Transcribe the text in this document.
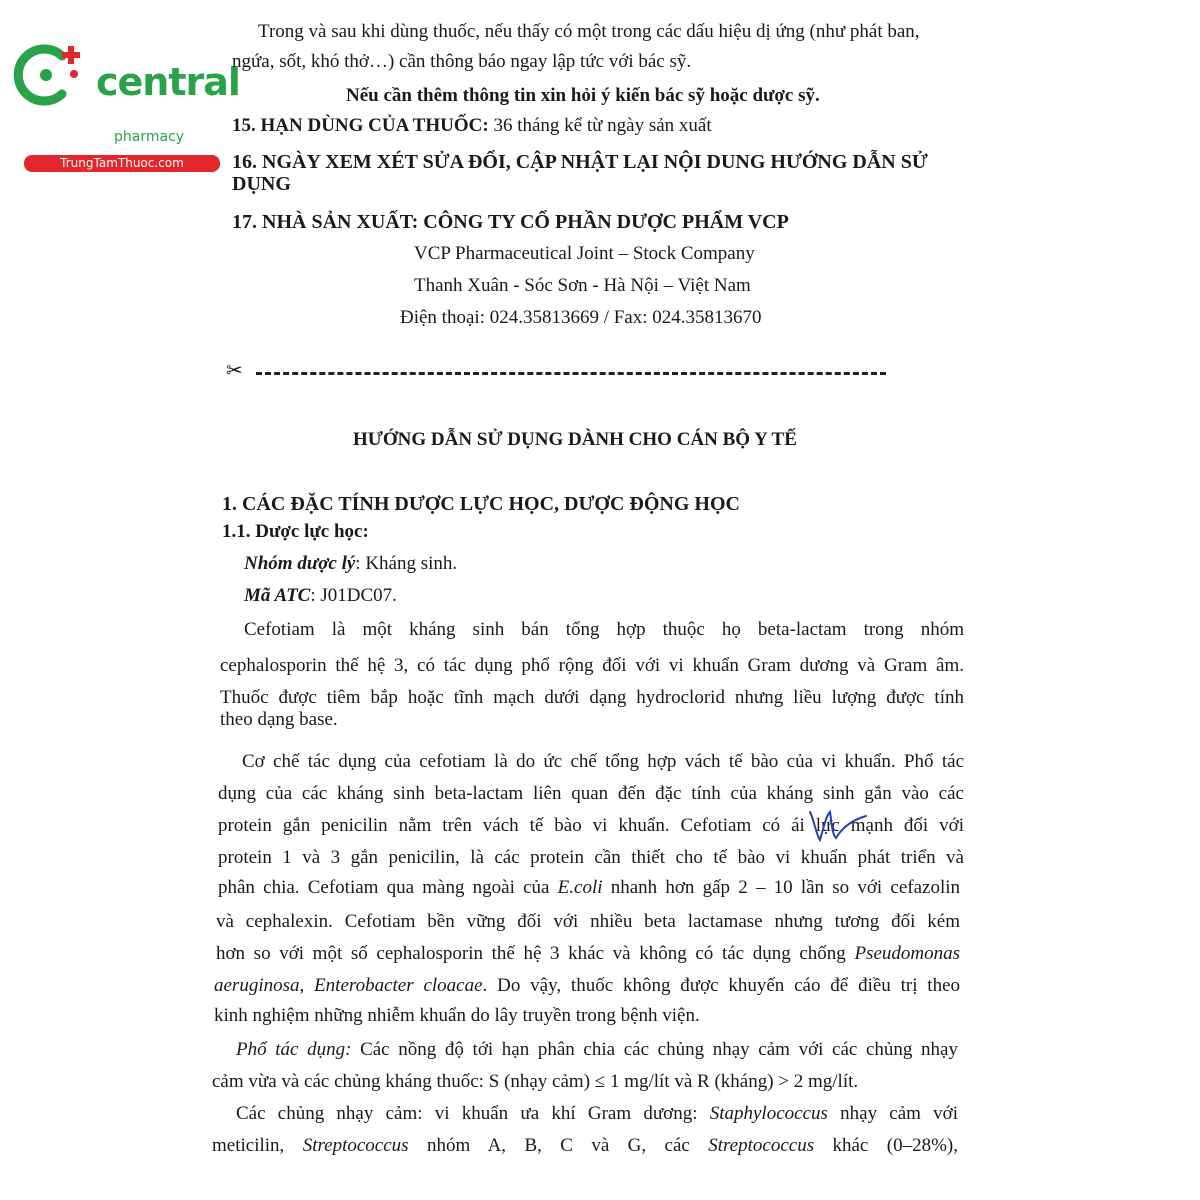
central
pharmacy
TrungTamThuoc.com
Trong và sau khi dùng thuốc, nếu thấy có một trong các dấu hiệu dị ứng (như phát ban,
ngứa, sốt, khó thở…) cần thông báo ngay lập tức với bác sỹ.
Nếu cần thêm thông tin xin hỏi ý kiến bác sỹ hoặc dược sỹ.
15. HẠN DÙNG CỦA THUỐC: 36 tháng kể từ ngày sản xuất
16. NGÀY XEM XÉT SỬA ĐỔI, CẬP NHẬT LẠI NỘI DUNG HƯỚNG DẪN SỬ
DỤNG
17. NHÀ SẢN XUẤT: CÔNG TY CỔ PHẦN DƯỢC PHẨM VCP
VCP Pharmaceutical Joint – Stock Company
Thanh Xuân - Sóc Sơn - Hà Nội – Việt Nam
Điện thoại: 024.35813669 / Fax: 024.35813670
✂
HƯỚNG DẪN SỬ DỤNG DÀNH CHO CÁN BỘ Y TẾ
1. CÁC ĐẶC TÍNH DƯỢC LỰC HỌC, DƯỢC ĐỘNG HỌC
1.1. Dược lực học:
Nhóm dược lý: Kháng sinh.
Mã ATC: J01DC07.
Cefotiam là một kháng sinh bán tổng hợp thuộc họ beta-lactam trong nhóm
cephalosporin thế hệ 3, có tác dụng phổ rộng đối với vi khuẩn Gram dương và Gram âm.
Thuốc được tiêm bắp hoặc tĩnh mạch dưới dạng hydroclorid nhưng liều lượng được tính
theo dạng base.
Cơ chế tác dụng của cefotiam là do ức chế tổng hợp vách tế bào của vi khuẩn. Phổ tác
dụng của các kháng sinh beta-lactam liên quan đến đặc tính của kháng sinh gắn vào các
protein gắn penicilin nằm trên vách tế bào vi khuẩn. Cefotiam có ái lực mạnh đối với
protein 1 và 3 gắn penicilin, là các protein cần thiết cho tế bào vi khuẩn phát triển và
phân chia. Cefotiam qua màng ngoài của E.coli nhanh hơn gấp 2 – 10 lần so với cefazolin
và cephalexin. Cefotiam bền vững đối với nhiều beta lactamase nhưng tương đối kém
hơn so với một số cephalosporin thế hệ 3 khác và không có tác dụng chống Pseudomonas
aeruginosa, Enterobacter cloacae. Do vậy, thuốc không được khuyến cáo để điều trị theo
kinh nghiệm những nhiễm khuẩn do lây truyền trong bệnh viện.
Phổ tác dụng: Các nồng độ tới hạn phân chia các chủng nhạy cảm với các chủng nhạy
cảm vừa và các chủng kháng thuốc: S (nhạy cảm) ≤ 1 mg/lít và R (kháng) > 2 mg/lít.
Các chủng nhạy cảm: vi khuẩn ưa khí Gram dương: Staphylococcus nhạy cảm với
meticilin, Streptococcus nhóm A, B, C và G, các Streptococcus khác (0–28%),
